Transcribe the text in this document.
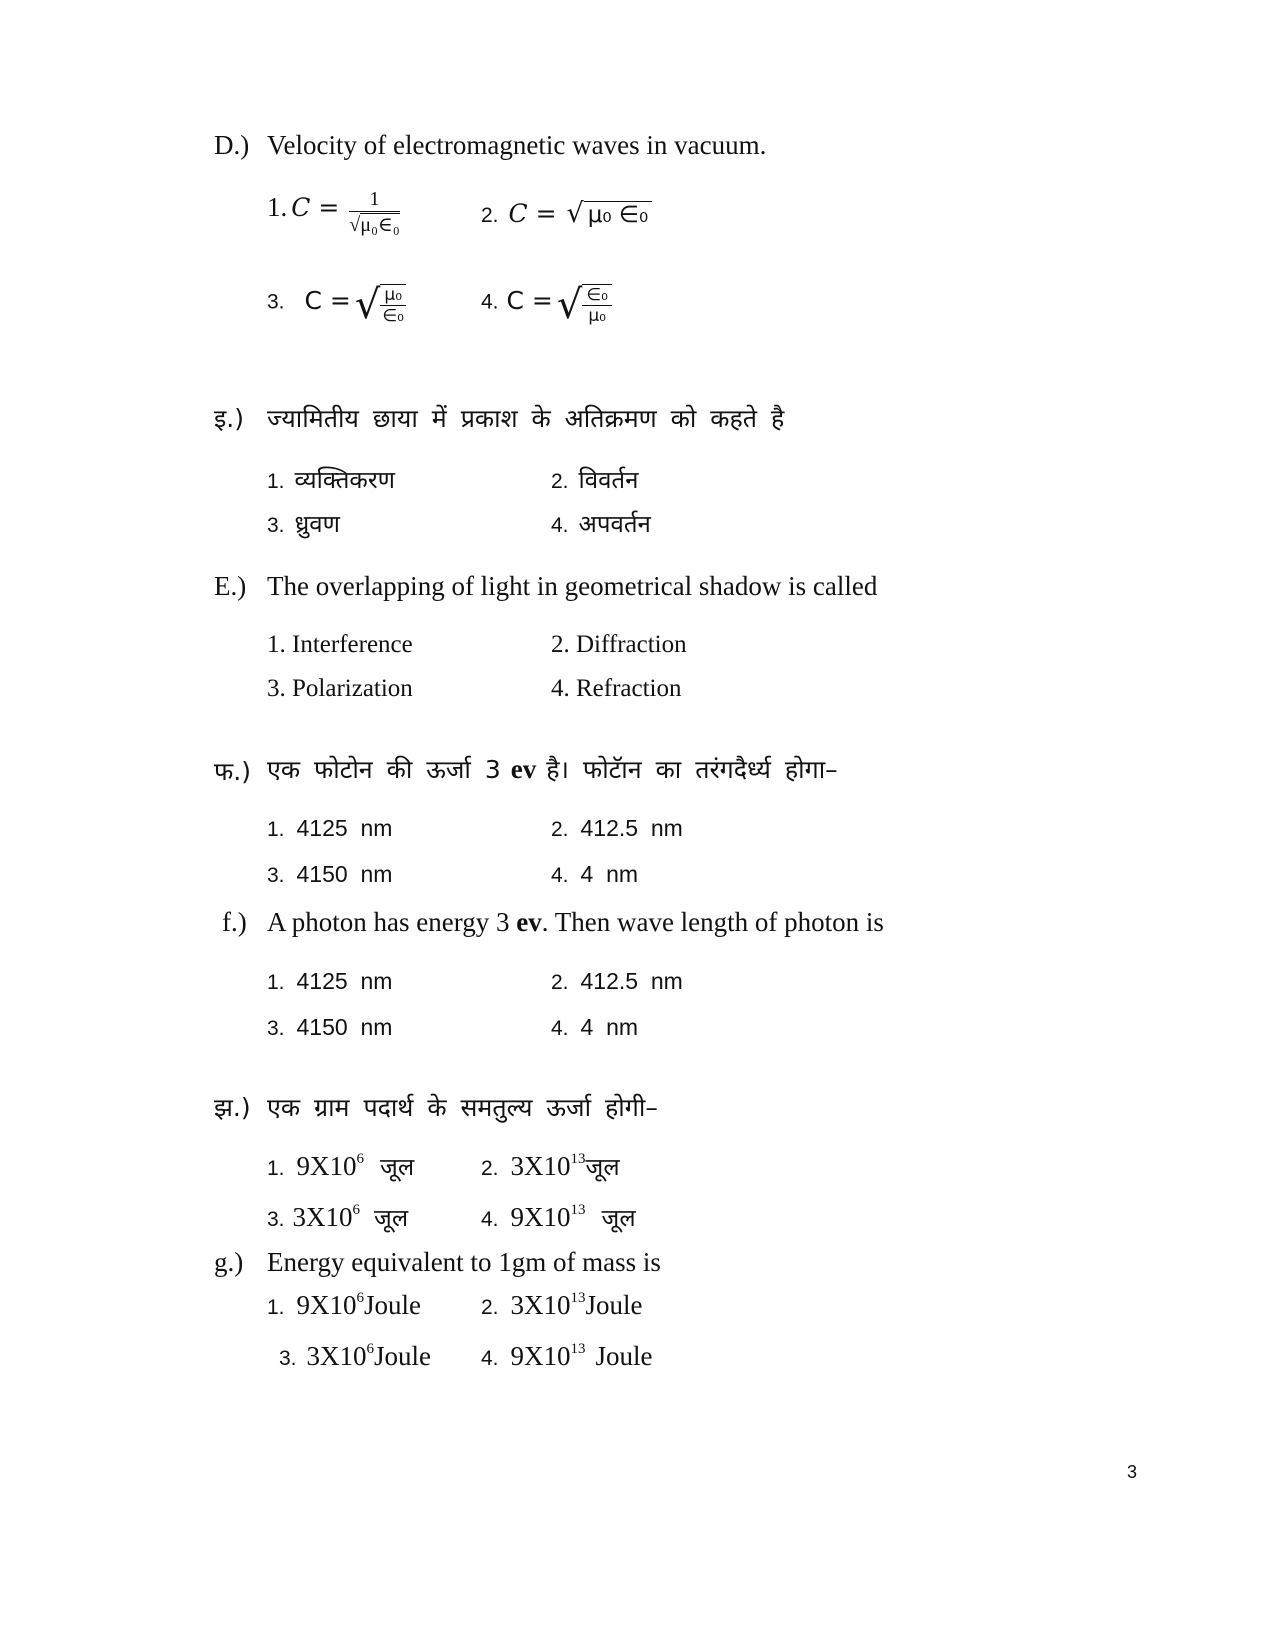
D.) Velocity of electromagnetic waves in vacuum.
1. $C = \frac{1}{\text{√μ₀∈₀}}$	2. C = √ μ₀ ∈₀
3. C = √ $\frac{\text{μ₀}}{\text{∈₀}}$	4. C = √ $\frac{\text{∈₀}}{\text{μ₀}}$
इ.) ज्यामितीय छाया में प्रकाश के अतिक्रमण को कहते है
1. व्यक्तिकरण	2. विवर्तन
3. ध्रुवण	4. अपवर्तन
E.) The overlapping of light in geometrical shadow is called
1. Interference	2. Diffraction
3. Polarization	4. Refraction
फ.) एक फोटोन की ऊर्जा 3 ev है। फोटॅान का तरंगदैर्ध्य होगा–
1. 4125  nm	2. 412.5  nm
3. 4150  nm	4. 4  nm
f.) A photon has energy 3 ev. Then wave length of photon is
1. 4125  nm	2. 412.5  nm
3. 4150  nm	4. 4  nm
झ.) एक ग्राम पदार्थ के समतुल्य ऊर्जा होगी–
1. $9X10^6$ जूल	2. $3X10^{13}जूल$
3. $3X10^6$ जूल	4. $9X10^{13}$ जूल
g.) Energy equivalent to 1gm of mass is
1. $9X10^6Joule$	2. $3X10^{13}Joule$
3. $3X10^6Joule$ 4. $9X10^{13}$ Joule
3
